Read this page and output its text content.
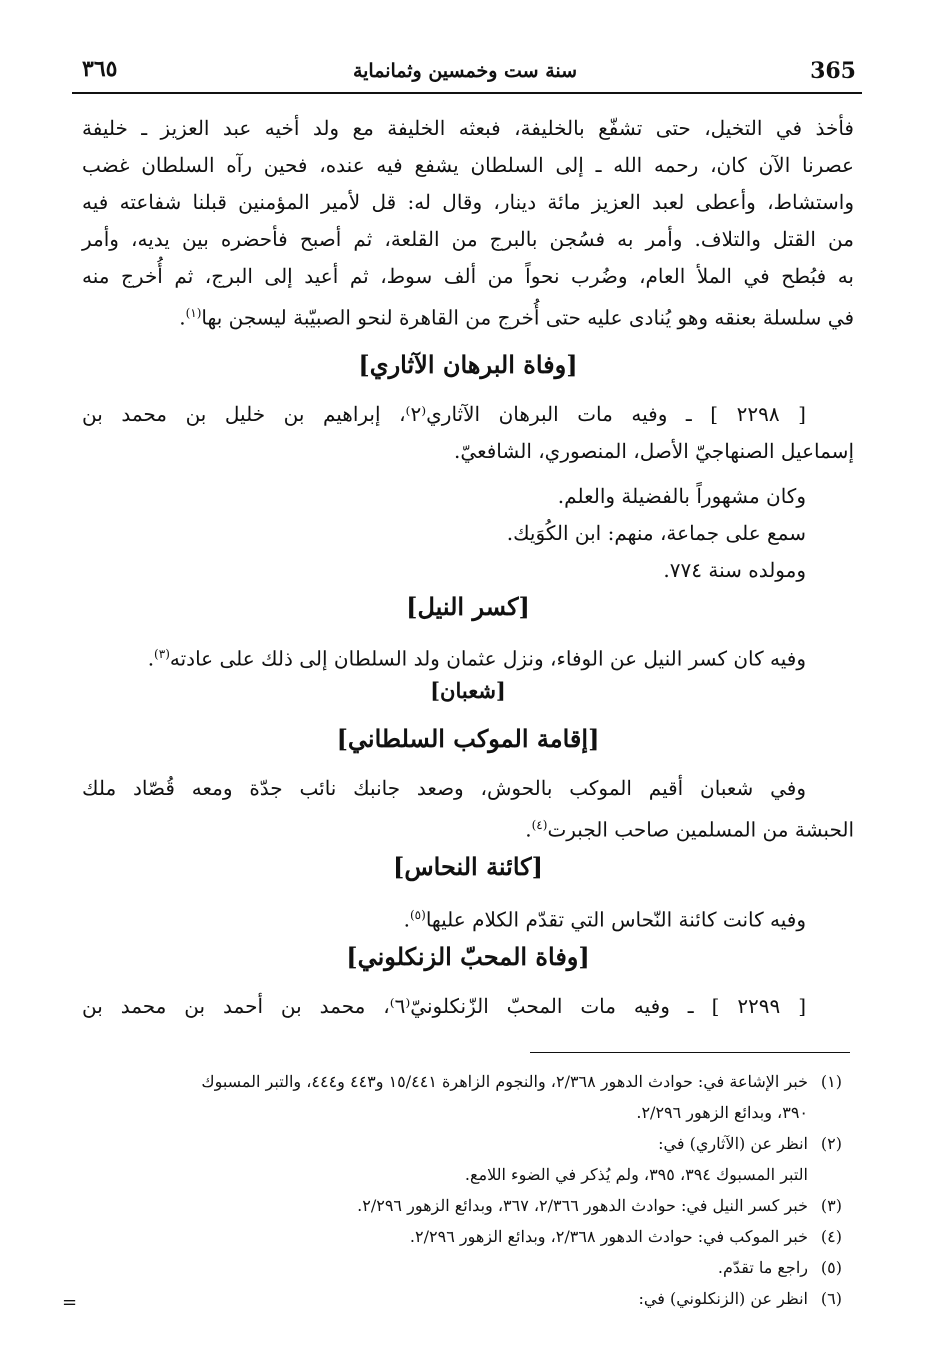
365
سنة ست وخمسين وثمانماية
٣٦٥
فأخذ في التخيل، حتى تشفّع بالخليفة، فبعثه الخليفة مع ولد أخيه عبد العزيز ـ خليفة
عصرنا الآن كان، رحمه الله ـ إلى السلطان يشفع فيه عنده، فحين رآه السلطان غضب
واستشاط، وأعطى لعبد العزيز مائة دينار، وقال له: قل لأمير المؤمنين قبلنا شفاعته فيه
من القتل والتلاف. وأمر به فسُجن بالبرج من القلعة، ثم أصبح فأحضره بين يديه، وأمر
به فبُطح في الملأ العام، وضُرب نحواً من ألف سوط، ثم أعيد إلى البرج، ثم أُخرج منه
في سلسلة بعنقه وهو يُنادى عليه حتى أُخرج من القاهرة لنحو الصبيّبة ليسجن بها$^{(١)}$.
[وفاة البرهان الآثاري]
[ ٢٢٩٨ ] ـ وفيه مات البرهان الآثاري⁽٢⁾، إبراهيم بن خليل بن محمد بن
إسماعيل الصنهاجيّ الأصل، المنصوري، الشافعيّ.
وكان مشهوراً بالفضيلة والعلم.
سمع على جماعة، منهم: ابن الكُوَيك.
ومولده سنة ٧٧٤.
[كسر النيل]
وفيه كان كسر النيل عن الوفاء، ونزل عثمان ولد السلطان إلى ذلك على عادته$^{(٣)}$.
[شعبان]
[إقامة الموكب السلطاني]
وفي شعبان أقيم الموكب بالحوش، وصعد جانبك نائب جدّة ومعه قُصّاد ملك
الحبشة من المسلمين صاحب الجبرت$^{(٤)}$.
[كائنة النحاس]
وفيه كانت كائنة النّحاس التي تقدّم الكلام عليها$^{(٥)}$.
[وفاة المحبّ الزنكلوني]
[ ٢٢٩٩ ] ـ وفيه مات المحبّ الزّنكلونيّ⁽٦⁾، محمد بن أحمد بن محمد بن
(١)خبر الإشاعة في: حوادث الدهور ٢/٣٦٨، والنجوم الزاهرة ١٥/٤٤١ و٤٤٣ و٤٤٤، والتبر المسبوك
٣٩٠، وبدائع الزهور ٢/٢٩٦.
(٢)انظر عن (الآثاري) في:
التبر المسبوك ٣٩٤، ٣٩٥، ولم يُذكر في الضوء اللامع.
(٣)خبر كسر النيل في: حوادث الدهور ٢/٣٦٦، ٣٦٧، وبدائع الزهور ٢/٢٩٦.
(٤)خبر الموكب في: حوادث الدهور ٢/٣٦٨، وبدائع الزهور ٢/٢٩٦.
(٥)راجع ما تقدّم.
(٦)انظر عن (الزنكلوني) في:
=
